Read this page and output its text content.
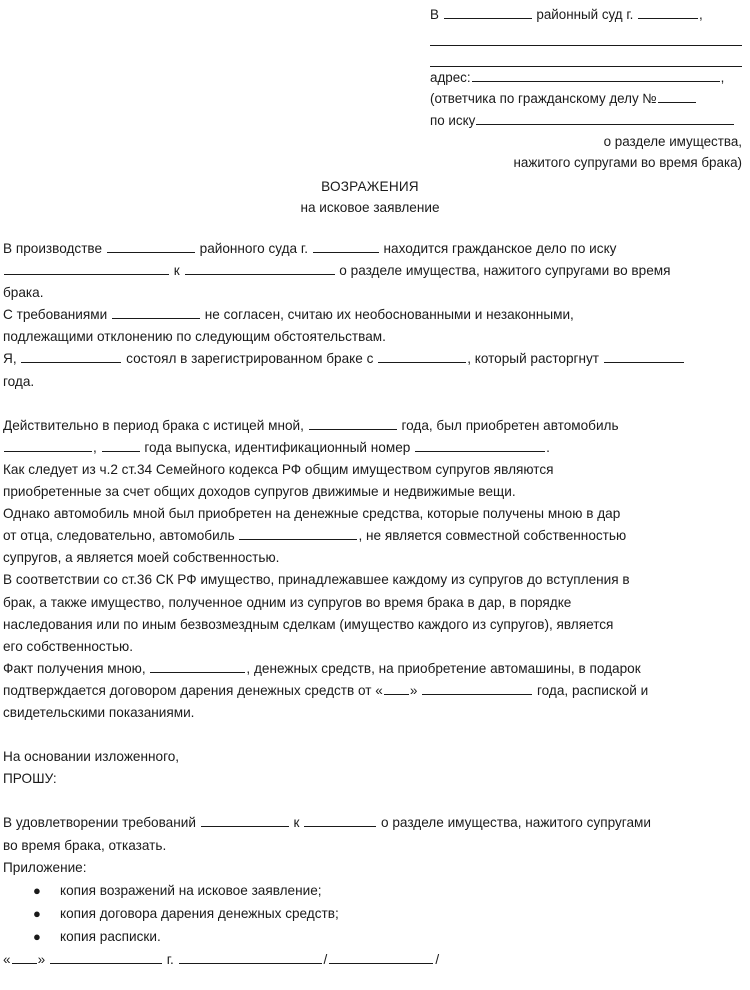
В	районный суд г.	,
адрес:	,
(ответчика по гражданскому делу №
по иску
о разделе имущества,
нажитого супругами во время брака)
ВОЗРАЖЕНИЯ
на исковое заявление
В производстве	районного суда г.	находится гражданское дело по иску
к	о разделе имущества, нажитого супругами во время
брака.
С требованиями	не согласен, считаю их необоснованными и незаконными,
подлежащими отклонению по следующим обстоятельствам.
Я,	состоял в зарегистрированном браке с	, который расторгнут
года.
Действительно в период брака с истицей мной,	года, был приобретен автомобиль
,	года выпуска, идентификационный номер	.
Как следует из ч.2 ст.34 Семейного кодекса РФ общим имуществом супругов являются
приобретенные за счет общих доходов супругов движимые и недвижимые вещи.
Однако автомобиль мной был приобретен на денежные средства, которые получены мною в дар
от отца, следовательно, автомобиль	, не является совместной собственностью
супругов, а является моей собственностью.
В соответствии со ст.36 СК РФ имущество, принадлежавшее каждому из супругов до вступления в
брак, а также имущество, полученное одним из супругов во время брака в дар, в порядке
наследования или по иным безвозмездным сделкам (имущество каждого из супругов), является
его собственностью.
Факт получения мною,	, денежных средств, на приобретение автомашины, в подарок
подтверждается договором дарения денежных средств от « »	года, распиской и
свидетельскими показаниями.
На основании изложенного,
ПРОШУ:
В удовлетворении требований	к	о разделе имущества, нажитого супругами
во время брака, отказать.
Приложение:
● копия возражений на исковое заявление;
● копия договора дарения денежных средств;
● копия расписки.
« »	г.	/	/
